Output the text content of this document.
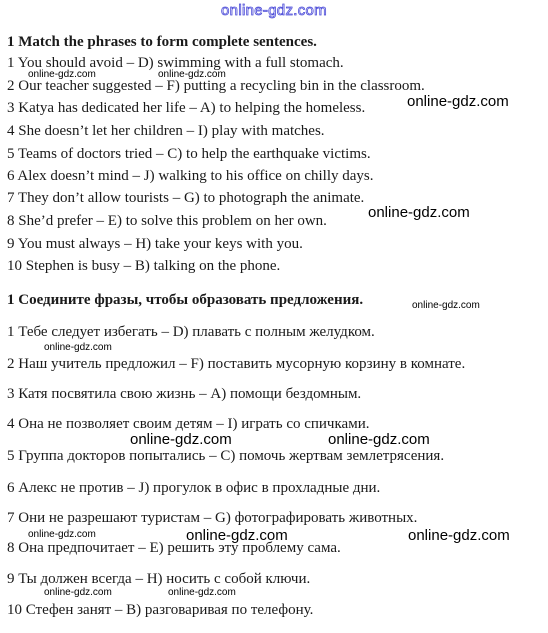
online-gdz.com
1 Match the phrases to form complete sentences.
1 You should avoid – D) swimming with a full stomach.
2 Our teacher suggested – F) putting a recycling bin in the classroom.
3 Katya has dedicated her life – A) to helping the homeless.
4 She doesn’t let her children – I) play with matches.
5 Teams of doctors tried – C) to help the earthquake victims.
6 Alex doesn’t mind – J) walking to his office on chilly days.
7 They don’t allow tourists – G) to photograph the animate.
8 She’d prefer – E) to solve this problem on her own.
9 You must always – H) take your keys with you.
10 Stephen is busy – B) talking on the phone.
1 Соедините фразы, чтобы образовать предложения.
1 Тебе следует избегать – D) плавать с полным желудком.
2 Наш учитель предложил – F) поставить мусорную корзину в комнате.
3 Катя посвятила свою жизнь – A) помощи бездомным.
4 Она не позволяет своим детям – I) играть со спичками.
5 Группа докторов попытались – C) помочь жертвам землетрясения.
6 Алекс не против – J) прогулок в офис в прохладные дни.
7 Они не разрешают туристам – G) фотографировать животных.
8 Она предпочитает – E) решить эту проблему сама.
9 Ты должен всегда – H) носить с собой ключи.
10 Стефен занят – B) разговаривая по телефону.
online-gdz.com	online-gdz.com
online-gdz.com
online-gdz.com
online-gdz.com
online-gdz.com
online-gdz.com	online-gdz.com
online-gdz.com	online-gdz.com	online-gdz.com
online-gdz.com	online-gdz.com
